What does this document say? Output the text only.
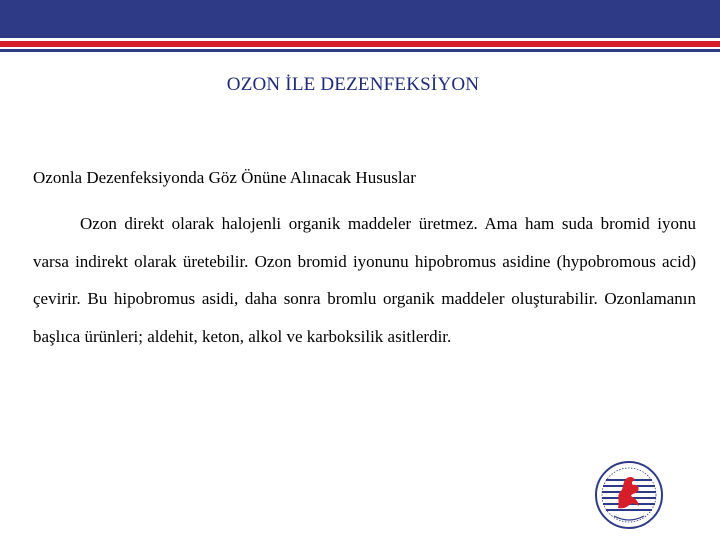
OZON İLE DEZENFEKSİYON

Ozonla Dezenfeksiyonda Göz Önüne Alınacak Hususlar

Ozon direkt olarak halojenli organik maddeler üretmez. Ama ham suda bromid iyonu varsa indirekt olarak üretebilir. Ozon bromid iyonunu hipobromus asidine (hypobromous acid) çevirir. Bu hipobromus asidi, daha sonra bromlu organik maddeler oluşturabilir. Ozonlamanın başlıca ürünleri; aldehit, keton, alkol ve karboksilik asitlerdir.
